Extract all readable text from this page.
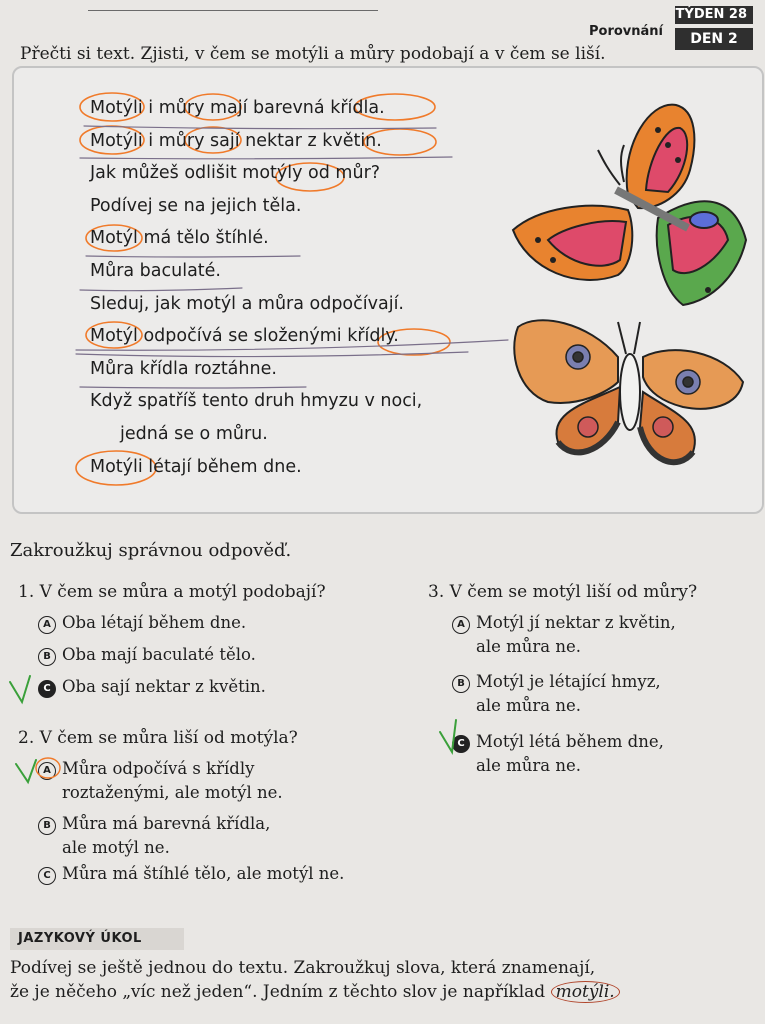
Porovnání
TÝDEN 28
DEN 2
Přečti si text. Zjisti, v čem se motýli a můry podobají a v čem se liší.
Motýli i můry mají barevná křídla.
Motýli i můry sají nektar z květin.
Jak můžeš odlišit motýly od můr?
Podívej se na jejich těla.
Motýl má tělo štíhlé.
Můra baculaté.
Sleduj, jak motýl a můra odpočívají.
Motýl odpočívá se složenými křídly.
Můra křídla roztáhne.
Když spatříš tento druh hmyzu v noci,
jedná se o můru.
Motýli létají během dne.
Zakroužkuj správnou odpověď.
1. V čem se můra a motýl podobají?
A Oba létají během dne.
B Oba mají baculaté tělo.
C Oba sají nektar z květin.
2. V čem se můra liší od motýla?
A Můra odpočívá s křídly
roztaženými, ale motýl ne.
B Můra má barevná křídla,
ale motýl ne.
C Můra má štíhlé tělo, ale motýl ne.
3. V čem se motýl liší od můry?
A Motýl jí nektar z květin,
ale můra ne.
B Motýl je létající hmyz,
ale můra ne.
C Motýl létá během dne,
ale můra ne.
JAZYKOVÝ ÚKOL
Podívej se ještě jednou do textu. Zakroužkuj slova, která znamenají,
že je něčeho „víc než jeden“. Jedním z těchto slov je například motýli.
